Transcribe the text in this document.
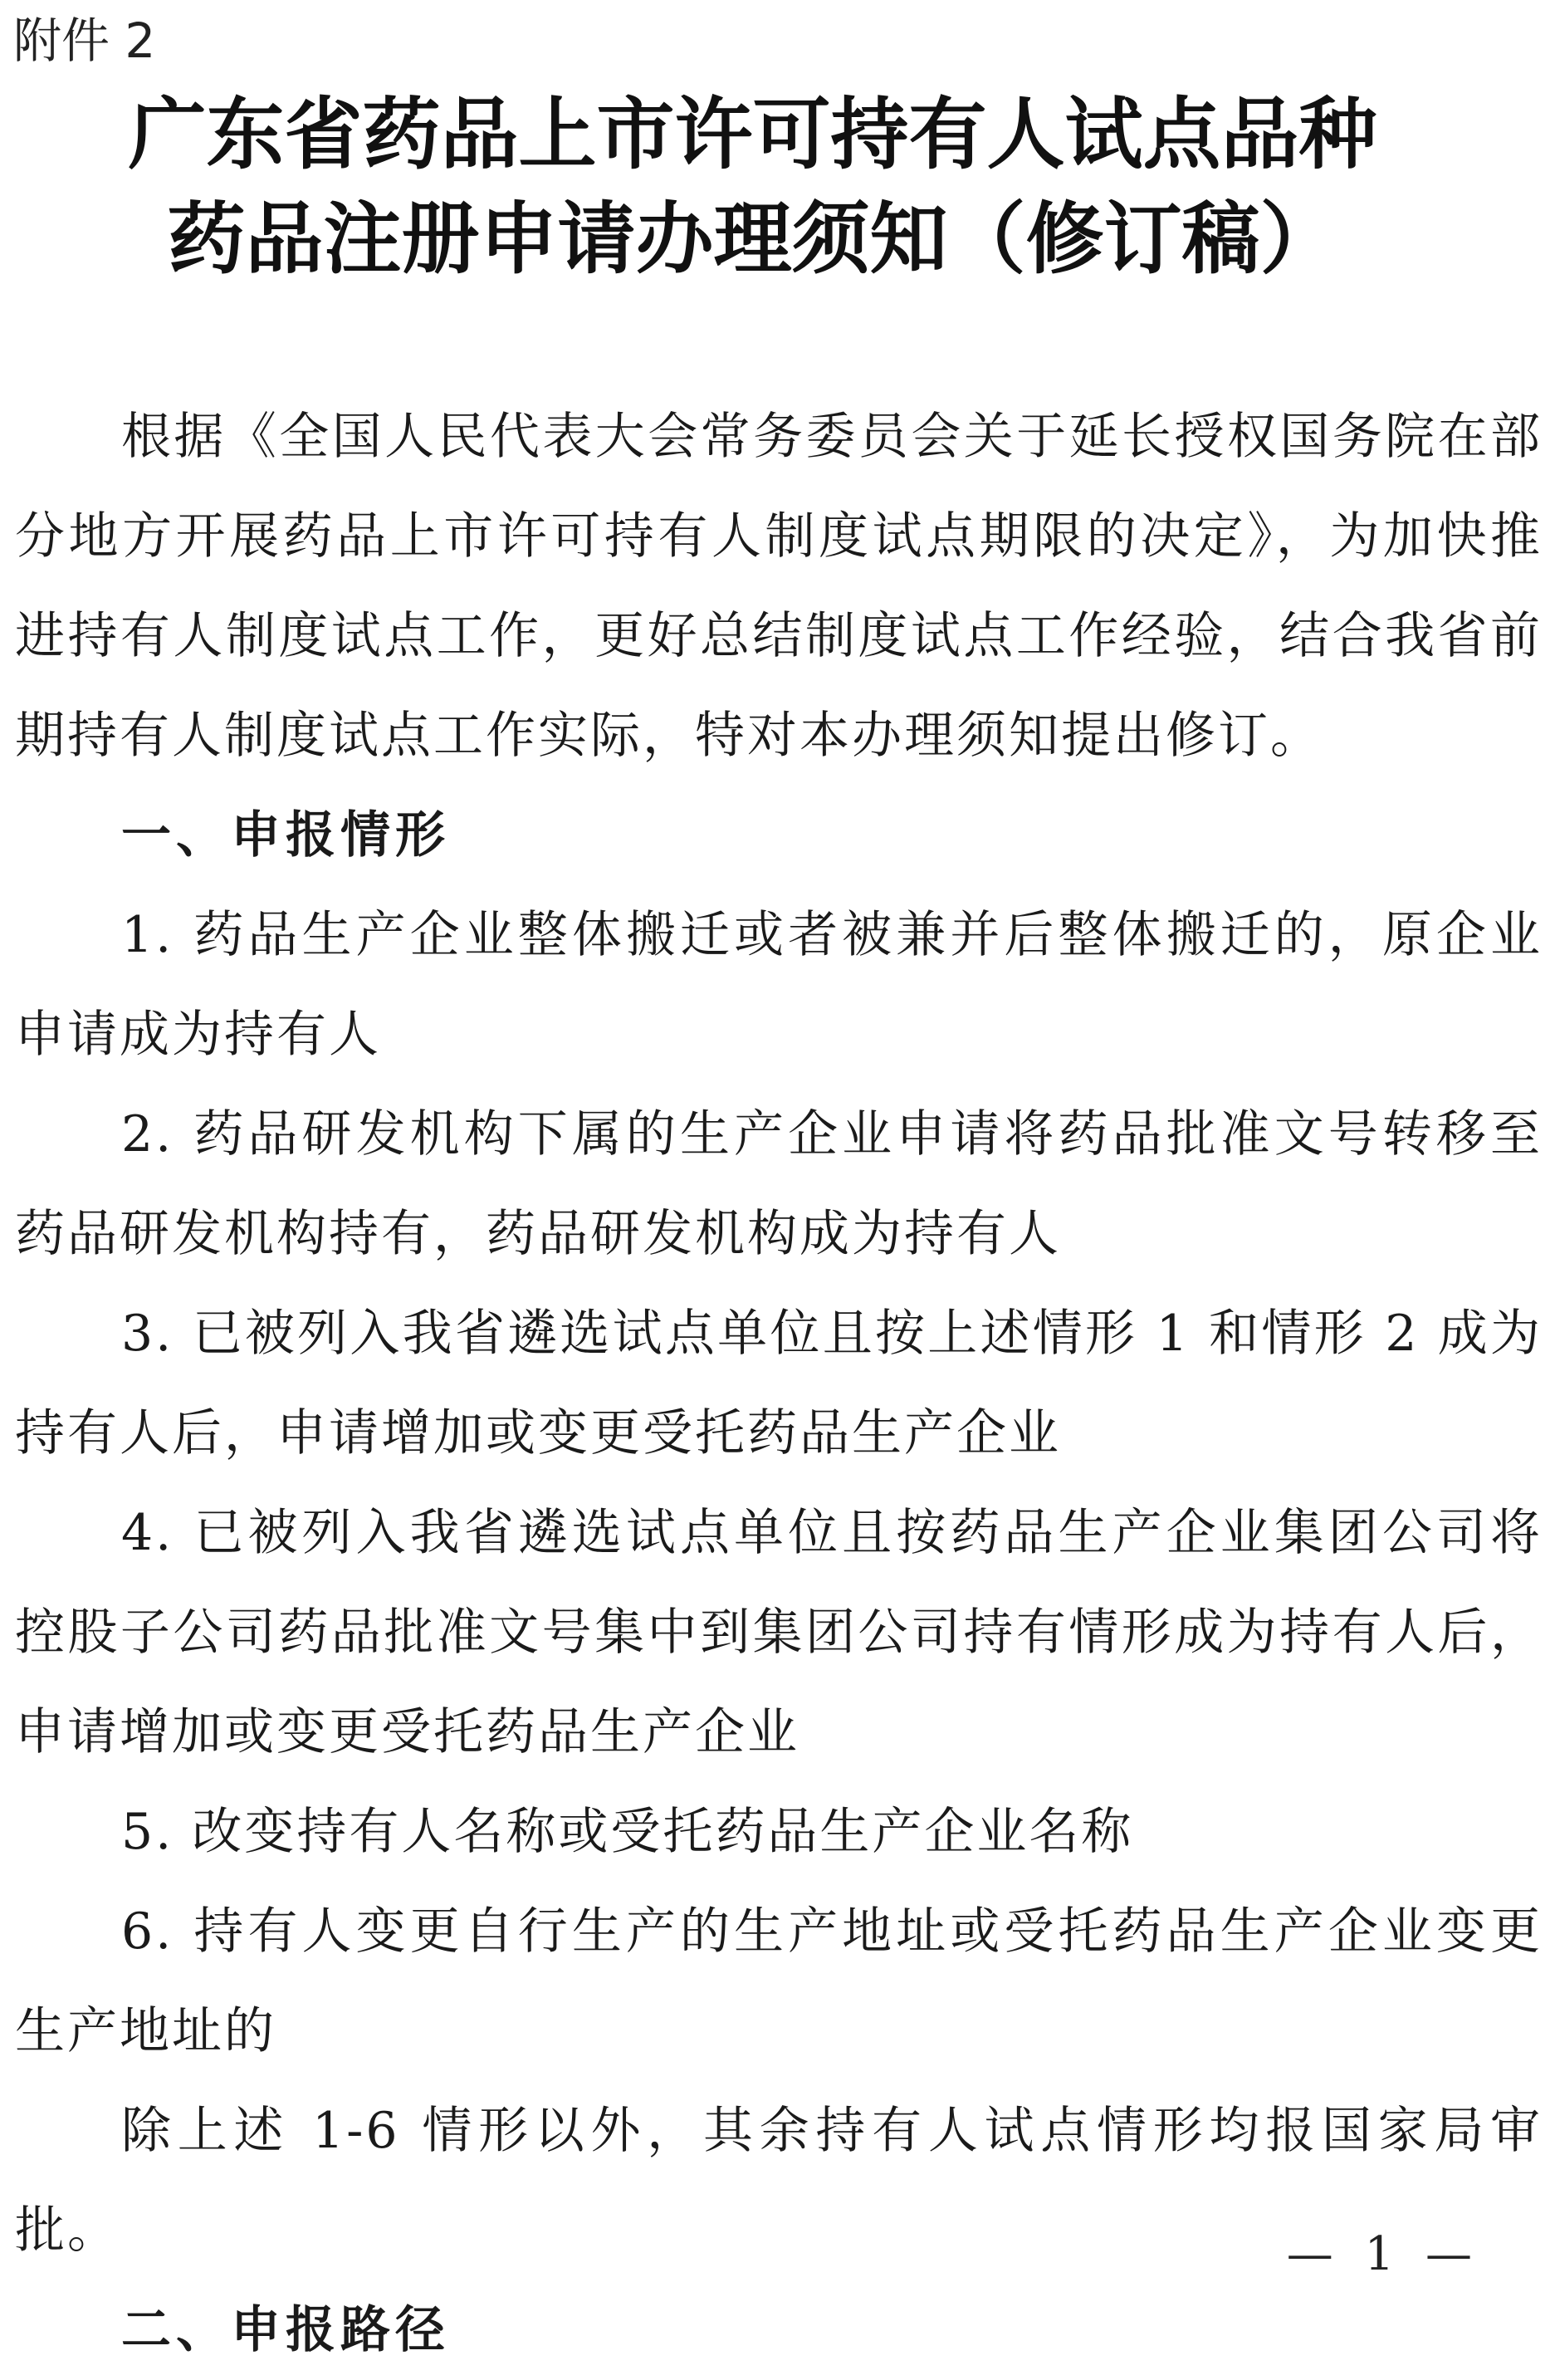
附件 2
广东省药品上市许可持有人试点品种
药品注册申请办理须知（修订稿）

根据《全国人民代表大会常务委员会关于延长授权国务院在部分地方开展药品上市许可持有人制度试点期限的决定》，为加快推进持有人制度试点工作，更好总结制度试点工作经验，结合我省前期持有人制度试点工作实际，特对本办理须知提出修订。

一、申报情形

1. 药品生产企业整体搬迁或者被兼并后整体搬迁的，原企业申请成为持有人

2. 药品研发机构下属的生产企业申请将药品批准文号转移至药品研发机构持有，药品研发机构成为持有人

3. 已被列入我省遴选试点单位且按上述情形 1 和情形 2 成为持有人后，申请增加或变更受托药品生产企业

4. 已被列入我省遴选试点单位且按药品生产企业集团公司将控股子公司药品批准文号集中到集团公司持有情形成为持有人后，申请增加或变更受托药品生产企业

5. 改变持有人名称或受托药品生产企业名称

6. 持有人变更自行生产的生产地址或受托药品生产企业变更生产地址的

除上述 1-6 情形以外，其余持有人试点情形均报国家局审批。

二、申报路径

— 1 —
